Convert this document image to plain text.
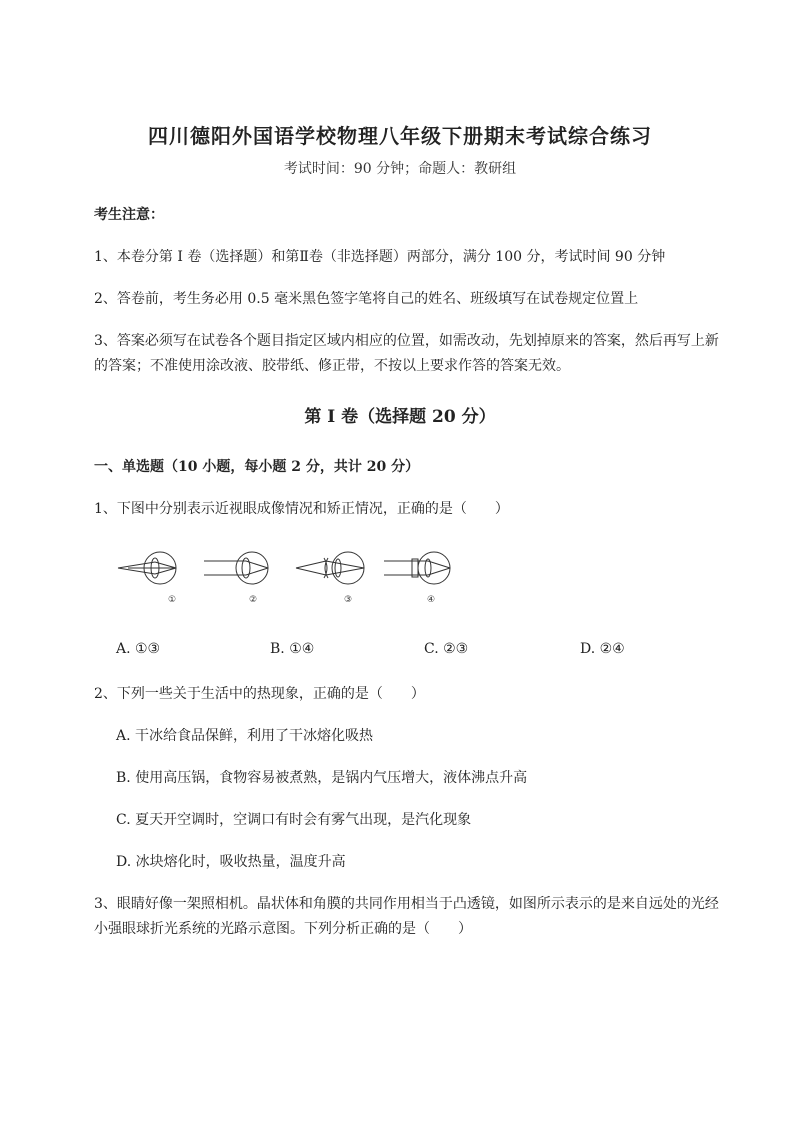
四川德阳外国语学校物理八年级下册期末考试综合练习
考试时间：90 分钟；命题人：教研组
考生注意：
1、本卷分第 I 卷（选择题）和第Ⅱ卷（非选择题）两部分，满分 100 分，考试时间 90 分钟
2、答卷前，考生务必用 0.5 毫米黑色签字笔将自己的姓名、班级填写在试卷规定位置上
3、答案必须写在试卷各个题目指定区域内相应的位置，如需改动，先划掉原来的答案，然后再写上新
的答案；不准使用涂改液、胶带纸、修正带，不按以上要求作答的答案无效。
第 I 卷（选择题 20 分）
一、单选题（10 小题，每小题 2 分，共计 20 分）
1、下图中分别表示近视眼成像情况和矫正情况，正确的是（　　）
①	②	③	④
A. ①③	B. ①④	C. ②③	D. ②④
2、下列一些关于生活中的热现象，正确的是（　　）
A. 干冰给食品保鲜，利用了干冰熔化吸热
B. 使用高压锅，食物容易被煮熟，是锅内气压增大，液体沸点升高
C. 夏天开空调时，空调口有时会有雾气出现，是汽化现象
D. 冰块熔化时，吸收热量，温度升高
3、眼睛好像一架照相机。晶状体和角膜的共同作用相当于凸透镜，如图所示表示的是来自远处的光经
小强眼球折光系统的光路示意图。下列分析正确的是（　　）
